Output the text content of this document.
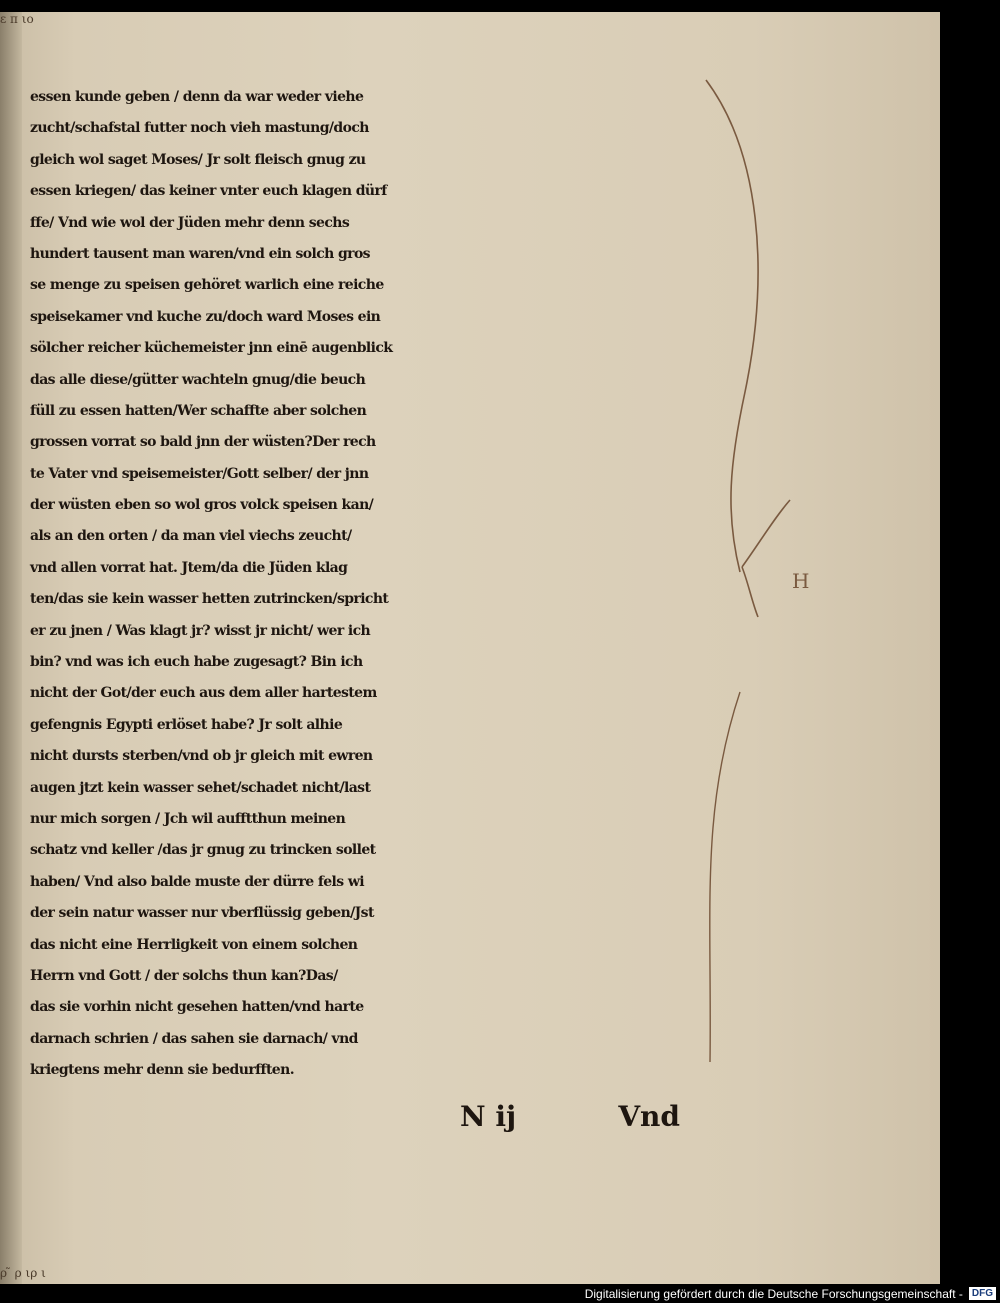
ε π ιο
ρ ̃ ρ ιρ ι
essen kunde geben / denn da war weder viehe
zucht/schafstal futter noch vieh mastung/doch
gleich wol saget Moses/ Jr solt fleisch gnug zu
essen kriegen/ das keiner vnter euch klagen dürf
ffe/ Vnd wie wol der Jüden mehr denn sechs
hundert tausent man waren/vnd ein solch gros
se menge zu speisen gehöret warlich eine reiche
speisekamer vnd kuche zu/doch ward Moses ein
sölcher reicher küchemeister jnn einē augenblick
das alle diese/gütter wachteln gnug/die beuch
füll zu essen hatten/Wer schaffte aber solchen
grossen vorrat so bald jnn der wüsten?Der rech
te Vater vnd speisemeister/Gott selber/ der jnn
der wüsten eben so wol gros volck speisen kan/
als an den orten / da man viel viechs zeucht/
vnd allen vorrat hat. Jtem/da die Jüden klag
ten/das sie kein wasser hetten zutrincken/spricht
er zu jnen / Was klagt jr? wisst jr nicht/ wer ich
bin? vnd was ich euch habe zugesagt? Bin ich
nicht der Got/der euch aus dem aller hartestem
gefengnis Egypti erlöset habe? Jr solt alhie
nicht dursts sterben/vnd ob jr gleich mit ewren
augen jtzt kein wasser sehet/schadet nicht/last
nur mich sorgen / Jch wil aufftthun meinen
schatz vnd keller /das jr gnug zu trincken sollet
haben/ Vnd also balde muste der dürre fels wi
der sein natur wasser nur vberflüssig geben/Jst
das nicht eine Herrligkeit von einem solchen
Herrn vnd Gott / der solchs thun kan?Das/
das sie vorhin nicht gesehen hatten/vnd harte
darnach schrien / das sahen sie darnach/ vnd
kriegtens mehr denn sie bedurfften.
N ij	Vnd
H
Digitalisierung gefördert durch die Deutsche Forschungsgemeinschaft - DFG
